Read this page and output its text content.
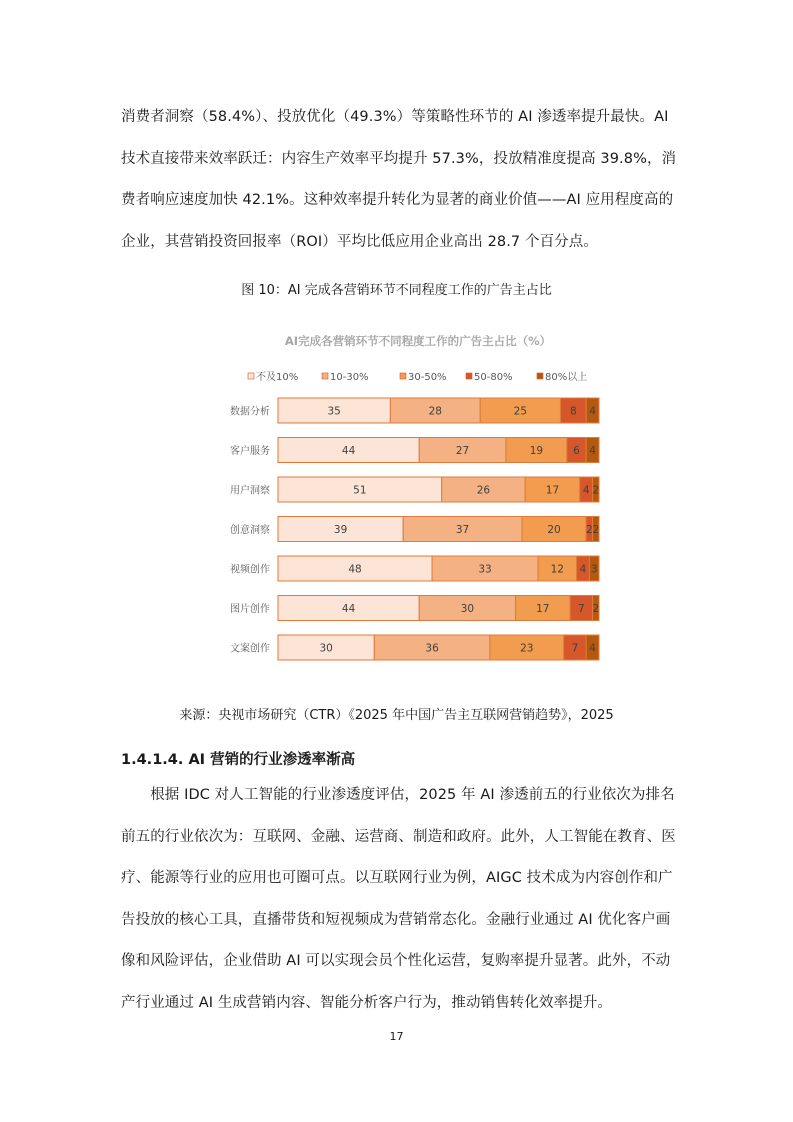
消费者洞察（58.4%）、投放优化（49.3%）等策略性环节的 AI 渗透率提升最快。AI
技术直接带来效率跃迁：内容生产效率平均提升 57.3%，投放精准度提高 39.8%，消
费者响应速度加快 42.1%。这种效率提升转化为显著的商业价值——AI 应用程度高的
企业，其营销投资回报率（ROI）平均比低应用企业高出 28.7 个百分点。

图 10：AI 完成各营销环节不同程度工作的广告主占比
AI完成各营销环节不同程度工作的广告主占比（%）
不及10%	10-30%	30-50%	50-80%	80%以上
数据分析	35	28	25	8 4
客户服务	44	27	19	6 4
用户洞察	51	26	17 4 2
创意洞察	39	37	20 2 2
视频创作	48	33	12 4 3
图片创作	44	30	17	7 2
文案创作	30	36	23	7 4
来源：央视市场研究（CTR）《2025 年中国广告主互联网营销趋势》，2025
1.4.1.4. AI 营销的行业渗透率渐高

　　根据 IDC 对人工智能的行业渗透度评估，2025 年 AI 渗透前五的行业依次为排名
前五的行业依次为：互联网、金融、运营商、制造和政府。此外，人工智能在教育、医
疗、能源等行业的应用也可圈可点。以互联网行业为例，AIGC 技术成为内容创作和广
告投放的核心工具，直播带货和短视频成为营销常态化。金融行业通过 AI 优化客户画
像和风险评估，企业借助 AI 可以实现会员个性化运营，复购率提升显著。此外，不动
产行业通过 AI 生成营销内容、智能分析客户行为，推动销售转化效率提升。

17
